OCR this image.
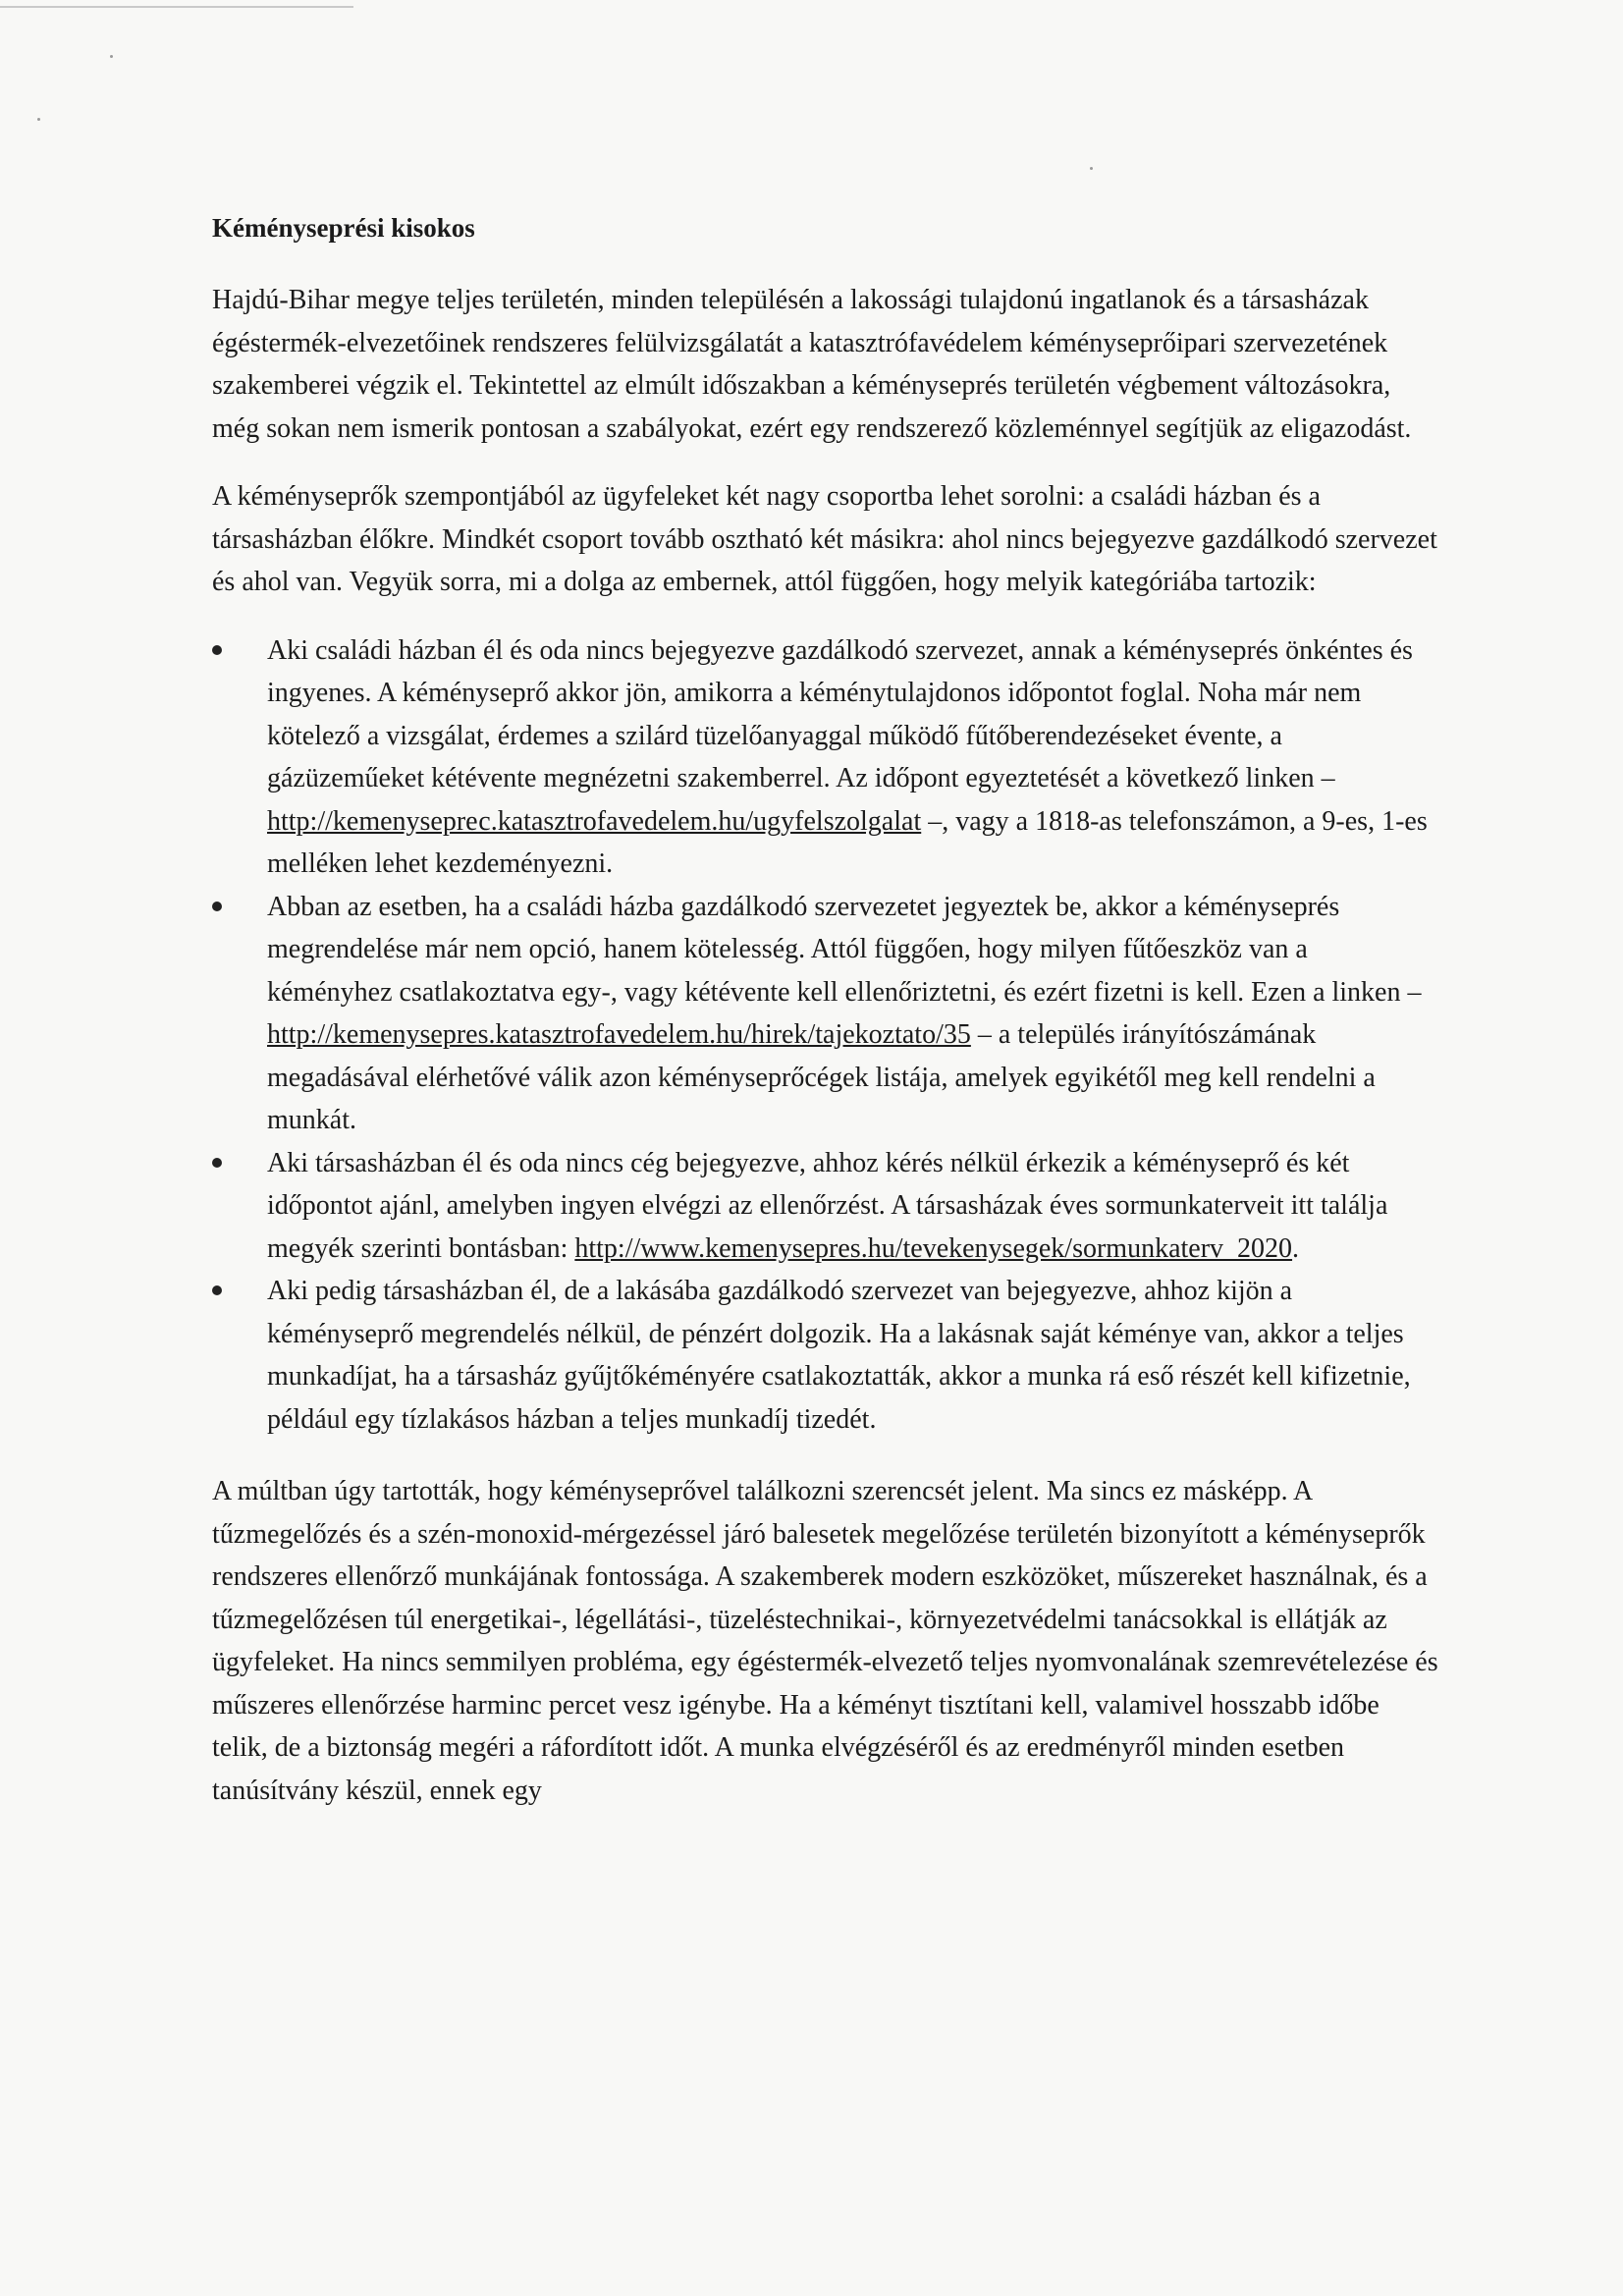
Kéményseprési kisokos

Hajdú-Bihar megye teljes területén, minden településén a lakossági tulajdonú ingatlanok és a társasházak égéstermék-elvezetőinek rendszeres felülvizsgálatát a katasztrófavédelem kéményseprőipari szervezetének szakemberei végzik el. Tekintettel az elmúlt időszakban a kéményseprés területén végbement változásokra, még sokan nem ismerik pontosan a szabályokat, ezért egy rendszerező közleménnyel segítjük az eligazodást.

A kéményseprők szempontjából az ügyfeleket két nagy csoportba lehet sorolni: a családi házban és a társasházban élőkre. Mindkét csoport tovább osztható két másikra: ahol nincs bejegyezve gazdálkodó szervezet és ahol van. Vegyük sorra, mi a dolga az embernek, attól függően, hogy melyik kategóriába tartozik:

Aki családi házban él és oda nincs bejegyezve gazdálkodó szervezet, annak a kéményseprés önkéntes és ingyenes. A kéményseprő akkor jön, amikorra a kéménytulajdonos időpontot foglal. Noha már nem kötelező a vizsgálat, érdemes a szilárd tüzelőanyaggal működő fűtőberendezéseket évente, a gázüzeműeket kétévente megnézetni szakemberrel. Az időpont egyeztetését a következő linken – http://kemenyseprес.katasztrofavedelem.hu/ugyfelszolgalat –, vagy a 1818-as telefonszámon, a 9-es, 1-es melléken lehet kezdeményezni.
Abban az esetben, ha a családi házba gazdálkodó szervezetet jegyeztek be, akkor a kéményseprés megrendelése már nem opció, hanem kötelesség. Attól függően, hogy milyen fűtőeszköz van a kéményhez csatlakoztatva egy-, vagy kétévente kell ellenőriztetni, és ezért fizetni is kell. Ezen a linken – http://kemenyseprеs.katasztrofavedelem.hu/hirek/tajekoztato/35 – a település irányítószámának megadásával elérhetővé válik azon kéményseprőcégek listája, amelyek egyikétől meg kell rendelni a munkát.
Aki társasházban él és oda nincs cég bejegyezve, ahhoz kérés nélkül érkezik a kéményseprő és két időpontot ajánl, amelyben ingyen elvégzi az ellenőrzést. A társasházak éves sormunkaterveit itt találja megyék szerinti bontásban: http://www.kemenyseprеs.hu/tevekenysegek/sormunkaterv_2020.
Aki pedig társasházban él, de a lakásába gazdálkodó szervezet van bejegyezve, ahhoz kijön a kéményseprő megrendelés nélkül, de pénzért dolgozik. Ha a lakásnak saját kéménye van, akkor a teljes munkadíjat, ha a társasház gyűjtőkéményére csatlakoztatták, akkor a munka rá eső részét kell kifizetnie, például egy tízlakásos házban a teljes munkadíj tizedét.

A múltban úgy tartották, hogy kéményseprővel találkozni szerencsét jelent. Ma sincs ez másképp. A tűzmegelőzés és a szén-monoxid-mérgezéssel járó balesetek megelőzése területén bizonyított a kéményseprők rendszeres ellenőrző munkájának fontossága. A szakemberek modern eszközöket, műszereket használnak, és a tűzmegelőzésen túl energetikai-, légellátási-, tüzeléstechnikai-, környezetvédelmi tanácsokkal is ellátják az ügyfeleket. Ha nincs semmilyen probléma, egy égéstermék-elvezető teljes nyomvonalának szemrevételezése és műszeres ellenőrzése harminc percet vesz igénybe. Ha a kéményt tisztítani kell, valamivel hosszabb időbe telik, de a biztonság megéri a ráfordított időt. A munka elvégzéséről és az eredményről minden esetben tanúsítvány készül, ennek egy
